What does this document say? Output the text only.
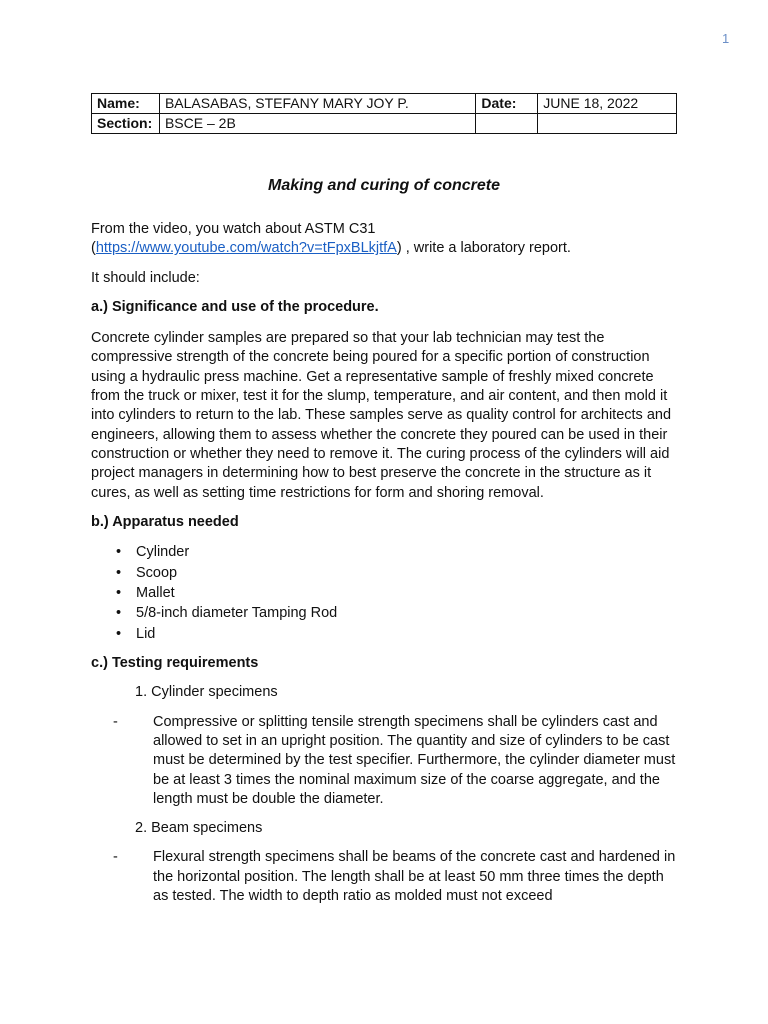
1
Name:	BALASABAS, STEFANY MARY JOY P.	Date:	JUNE 18, 2022
Section:	BSCE – 2B		
Making and curing of concrete

From the video, you watch about ASTM C31

(https://www.youtube.com/watch?v=tFpxBLkjtfA) , write a laboratory report.

It should include:

a.) Significance and use of the procedure.

Concrete cylinder samples are prepared so that your lab technician may test the compressive strength of the concrete being poured for a specific portion of construction using a hydraulic press machine. Get a representative sample of freshly mixed concrete from the truck or mixer, test it for the slump, temperature, and air content, and then mold it into cylinders to return to the lab. These samples serve as quality control for architects and engineers, allowing them to assess whether the concrete they poured can be used in their construction or whether they need to remove it. The curing process of the cylinders will aid project managers in determining how to best preserve the concrete in the structure as it cures, as well as setting time restrictions for form and shoring removal.

b.) Apparatus needed

• Cylinder
• Scoop
• Mallet
• 5/8-inch diameter Tamping Rod
• Lid

c.) Testing requirements

1. Cylinder specimens

- Compressive or splitting tensile strength specimens shall be cylinders cast and allowed to set in an upright position. The quantity and size of cylinders to be cast must be determined by the test specifier. Furthermore, the cylinder diameter must be at least 3 times the nominal maximum size of the coarse aggregate, and the length must be double the diameter.

2. Beam specimens

- Flexural strength specimens shall be beams of the concrete cast and hardened in the horizontal position. The length shall be at least 50 mm three times the depth as tested. The width to depth ratio as molded must not exceed
